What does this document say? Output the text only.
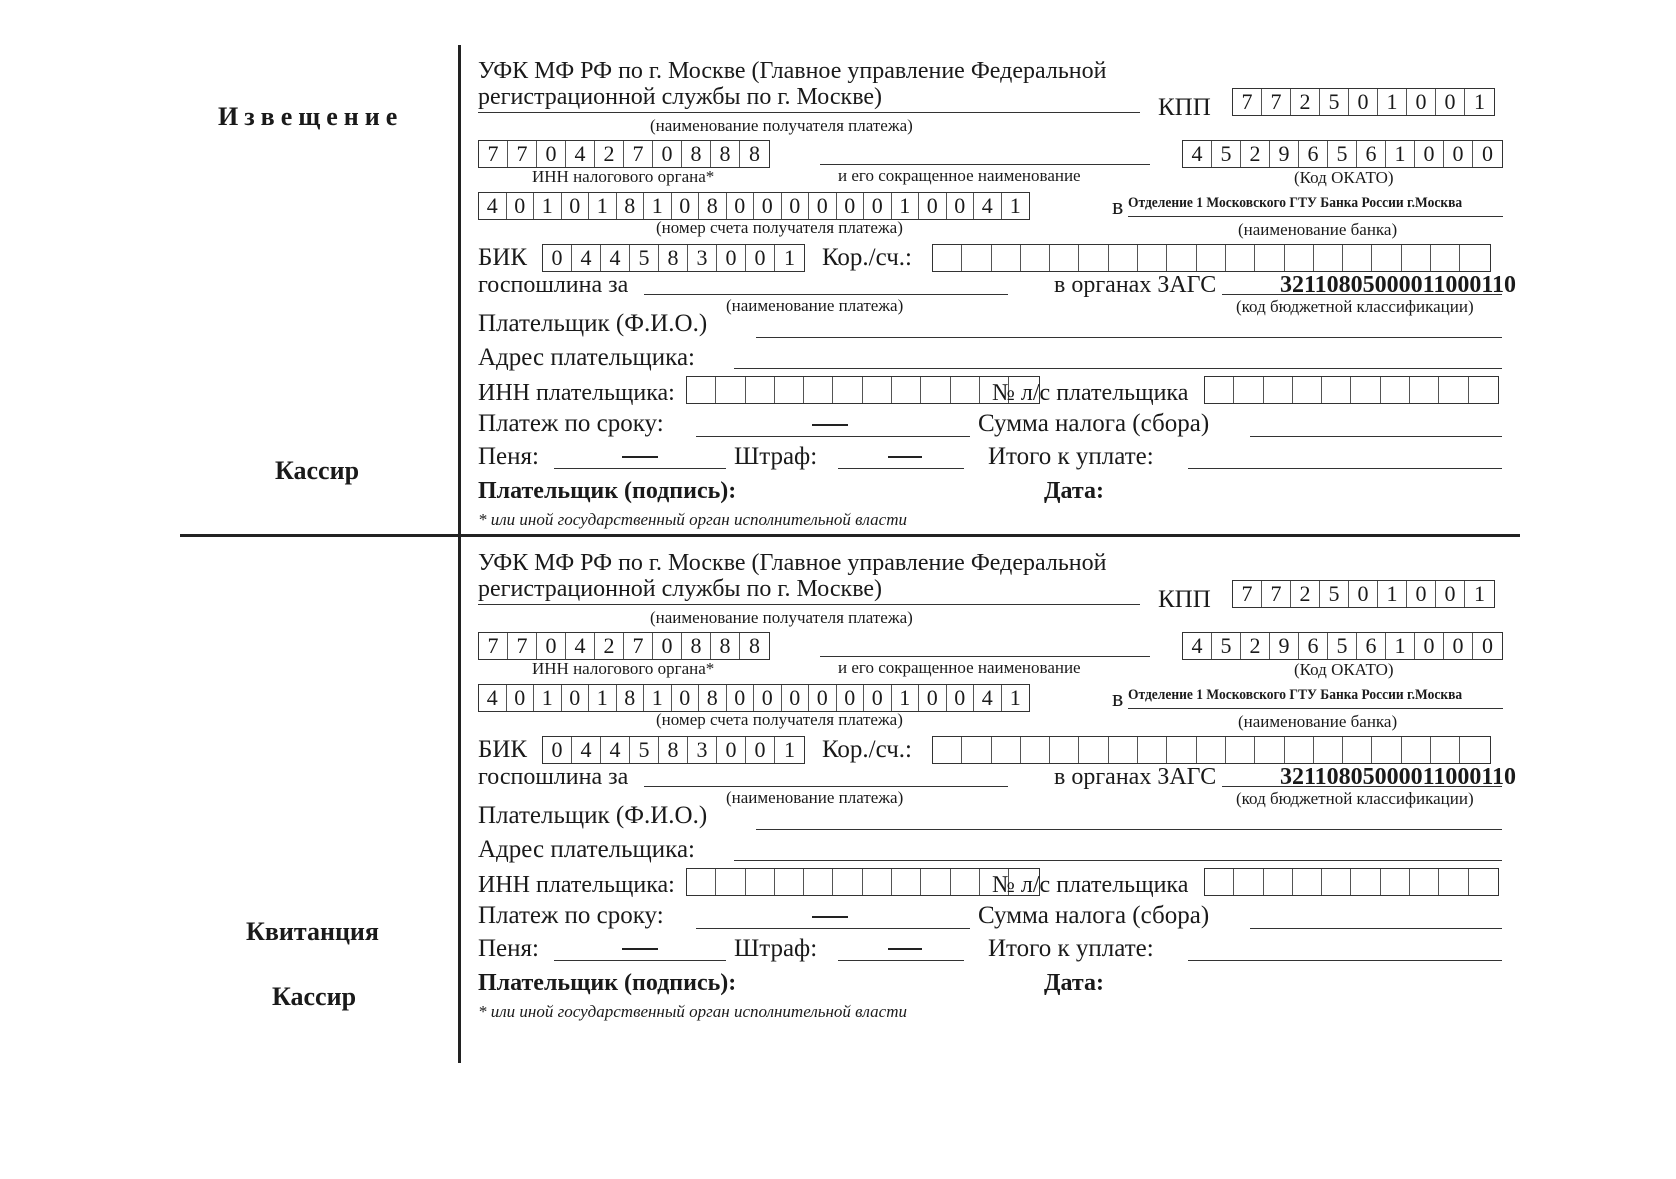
Извещение
Кассир
Квитанция
Кассир
УФК МФ РФ по г. Москве (Главное управление Федеральной
регистрационной службы по г. Москве)
(наименование получателя платежа)
КПП	7 7 2 5 0 1 0 0 1
7 7 0 4 2 7 0 8 8 8
ИНН налогового органа*	и его сокращенное наименование
4 5 2 9 6 5 6 1 0 0 0
(Код ОКАТО)
4 0 1 0 1 8 1 0 8 0 0 0 0 0 0 1 0 0 4 1	в Отделение 1 Московского ГТУ Банка России г.Москва
(номер счета получателя платежа)	(наименование банка)
БИК	0 4 4 5 8 3 0 0 1	Кор./сч.:
госпошлина за
(наименование платежа)
в органах ЗАГС	32110805000011000110
(код бюджетной классификации)
Плательщик (Ф.И.О.)
Адрес плательщика:
ИНН плательщика:	№ л/с плательщика
Платеж по сроку:	Сумма налога (сбора)
Пеня:	Штраф:	Итого к уплате:
Плательщик (подпись):	Дата:
* или иной государственный орган исполнительной власти
УФК МФ РФ по г. Москве (Главное управление Федеральной
регистрационной службы по г. Москве)
(наименование получателя платежа)
КПП	7 7 2 5 0 1 0 0 1
7 7 0 4 2 7 0 8 8 8
ИНН налогового органа*	и его сокращенное наименование
4 5 2 9 6 5 6 1 0 0 0
(Код ОКАТО)
4 0 1 0 1 8 1 0 8 0 0 0 0 0 0 1 0 0 4 1	в Отделение 1 Московского ГТУ Банка России г.Москва
(номер счета получателя платежа)	(наименование банка)
БИК	0 4 4 5 8 3 0 0 1	Кор./сч.:
госпошлина за
(наименование платежа)
в органах ЗАГС	32110805000011000110
(код бюджетной классификации)
Плательщик (Ф.И.О.)
Адрес плательщика:
ИНН плательщика:	№ л/с плательщика
Платеж по сроку:	Сумма налога (сбора)
Пеня:	Штраф:	Итого к уплате:
Плательщик (подпись):	Дата:
* или иной государственный орган исполнительной власти
